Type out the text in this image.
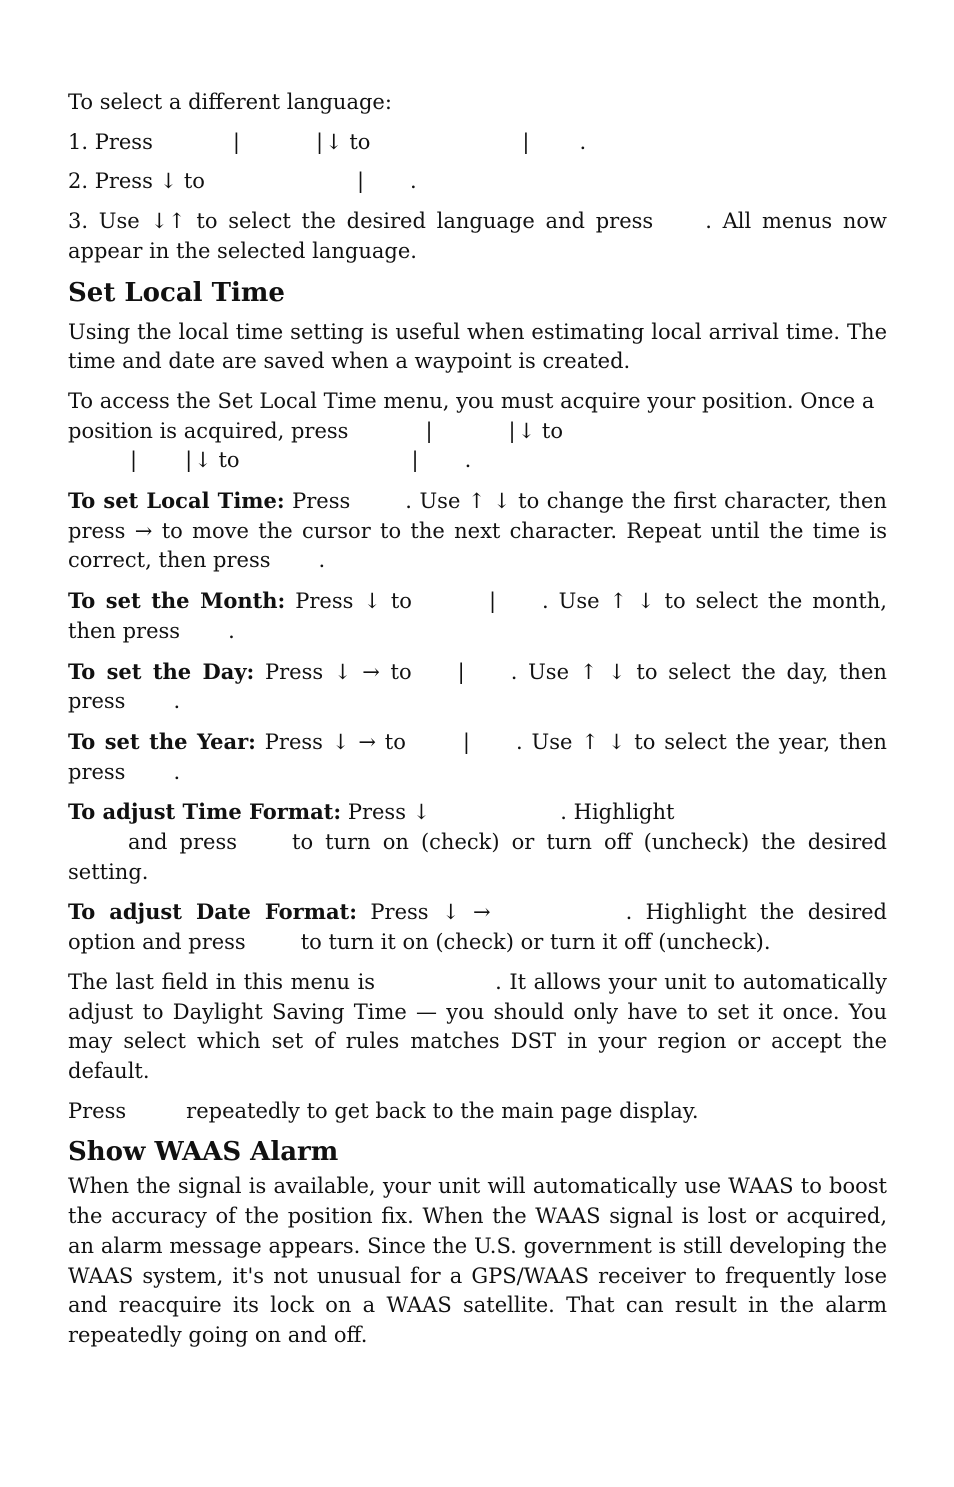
To select a different language:

1. Press	|	|↓ to	| .

2. Press ↓ to	| .

3. Use ↓↑ to select the desired language and press . All menus now appear in the selected language.

Set Local Time

Using the local time setting is useful when estimating local arrival time. The time and date are saved when a waypoint is created.

To access the Set Local Time menu, you must acquire your position. Once a position is acquired, press	|	|↓ to
| |↓ to	| .

To set Local Time: Press	. Use ↑ ↓ to change the first character, then press → to move the cursor to the next character. Repeat until the time is correct, then press .

To set the Month: Press ↓ to	| . Use ↑ ↓ to select the month, then press .

To set the Day: Press ↓ → to | . Use ↑ ↓ to select the day, then press .

To set the Year: Press ↓ → to	| . Use ↑ ↓ to select the year, then press .

To adjust Time Format: Press ↓	. Highlight
and press	to turn on (check) or turn off (uncheck) the desired setting.

To adjust Date Format: Press ↓ →	. Highlight the desired option and press	to turn it on (check) or turn it off (uncheck).

The last field in this menu is	. It allows your unit to automatically adjust to Daylight Saving Time — you should only have to set it once. You may select which set of rules matches DST in your region or accept the default.

Press	repeatedly to get back to the main page display.

Show WAAS Alarm

When the signal is available, your unit will automatically use WAAS to boost the accuracy of the position fix. When the WAAS signal is lost or acquired, an alarm message appears. Since the U.S. government is still developing the WAAS system, it's not unusual for a GPS/WAAS receiver to frequently lose and reacquire its lock on a WAAS satellite. That can result in the alarm repeatedly going on and off.
